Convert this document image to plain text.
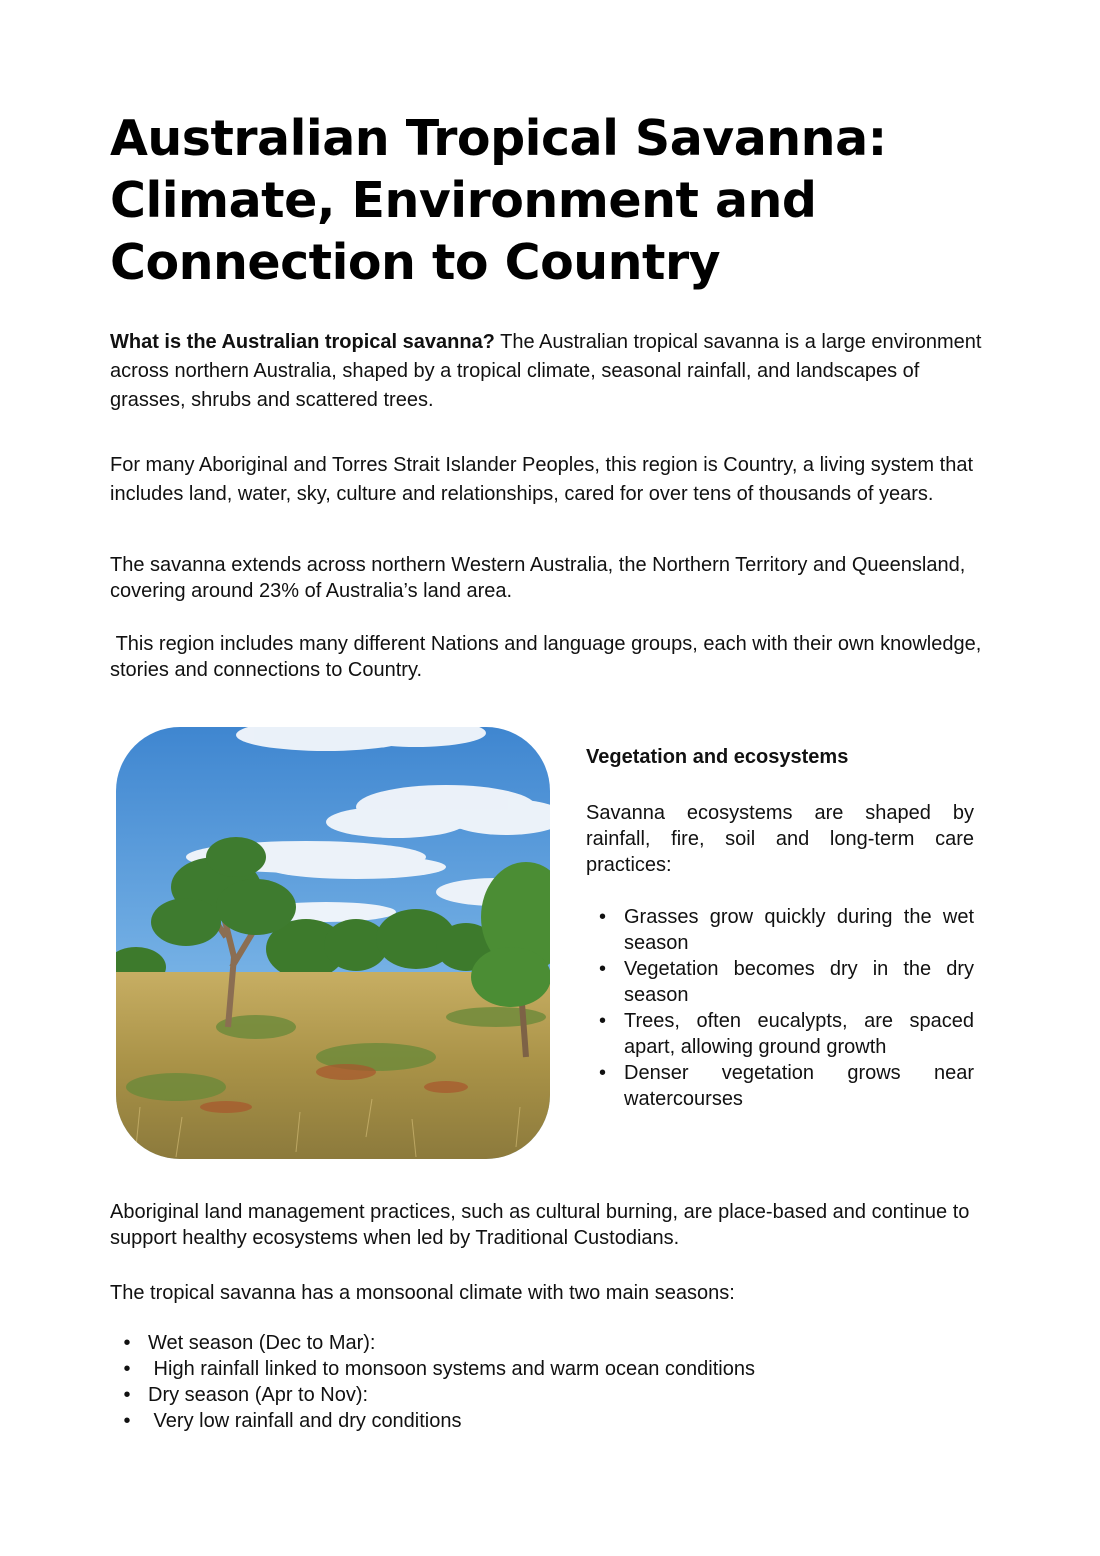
Australian Tropical Savanna:
Climate, Environment and
Connection to Country

What is the Australian tropical savanna? The Australian tropical savanna is a large environment across northern Australia, shaped by a tropical climate, seasonal rainfall, and landscapes of grasses, shrubs and scattered trees.

For many Aboriginal and Torres Strait Islander Peoples, this region is Country, a living system that includes land, water, sky, culture and relationships, cared for over tens of thousands of years.

The savanna extends across northern Western Australia, the Northern Territory and Queensland, covering around 23% of Australia’s land area.

This region includes many different Nations and language groups, each with their own knowledge, stories and connections to Country.

Vegetation and ecosystems

Savanna ecosystems are shaped by rainfall, fire, soil and long-term care practices:

• Grasses grow quickly during the wet season
• Vegetation becomes dry in the dry season
• Trees, often eucalypts, are spaced apart, allowing ground growth
• Denser vegetation grows near watercourses

Aboriginal land management practices, such as cultural burning, are place-based and continue to support healthy ecosystems when led by Traditional Custodians.

The tropical savanna has a monsoonal climate with two main seasons:

• Wet season (Dec to Mar):
• High rainfall linked to monsoon systems and warm ocean conditions
• Dry season (Apr to Nov):
• Very low rainfall and dry conditions
